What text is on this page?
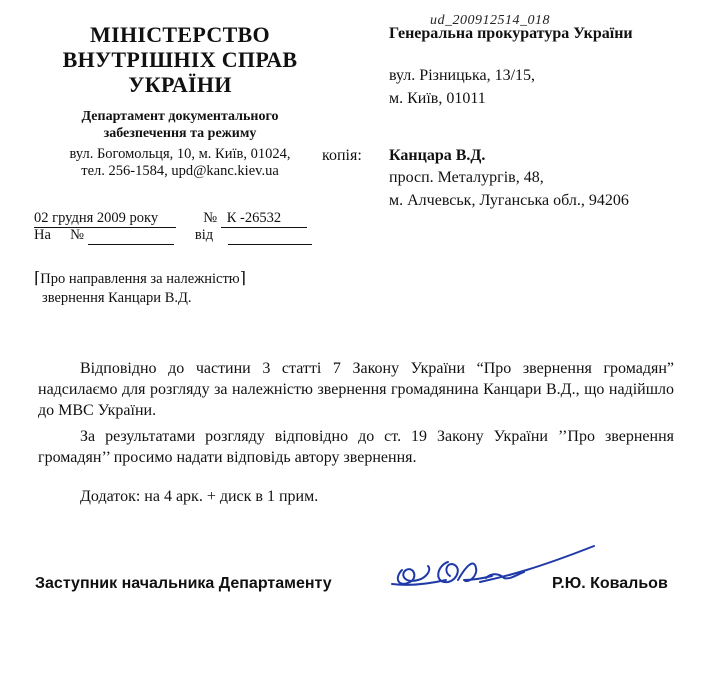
ud_200912514_018
МІНІСТЕРСТВО
ВНУТРІШНІХ СПРАВ
УКРАЇНИ
Департамент документального
забезпечення та режиму
вул. Богомольця, 10, м. Київ, 01024,
тел. 256-1584, upd@kanc.kiev.ua
02 грудня 2009 року	№ К -26532
На №	від
⌈Про направлення за належністю⌉
звернення Канцари В.Д.
Генеральна прокуратура України
вул. Різницька, 13/15,
м. Київ, 01011
копія: Канцара В.Д.
просп. Металургів, 48,
м. Алчевськ, Луганська обл., 94206
Відповідно до частини 3 статті 7 Закону України “Про звернення громадян” надсилаємо для розгляду за належністю звернення громадянина Канцари В.Д., що надійшло до МВС України.
За результатами розгляду відповідно до ст. 19 Закону України ’’Про звернення громадян’’ просимо надати відповідь автору звернення.
Додаток: на 4 арк. + диск в 1 прим.
Заступник начальника Департаменту	Р.Ю. Ковальов
